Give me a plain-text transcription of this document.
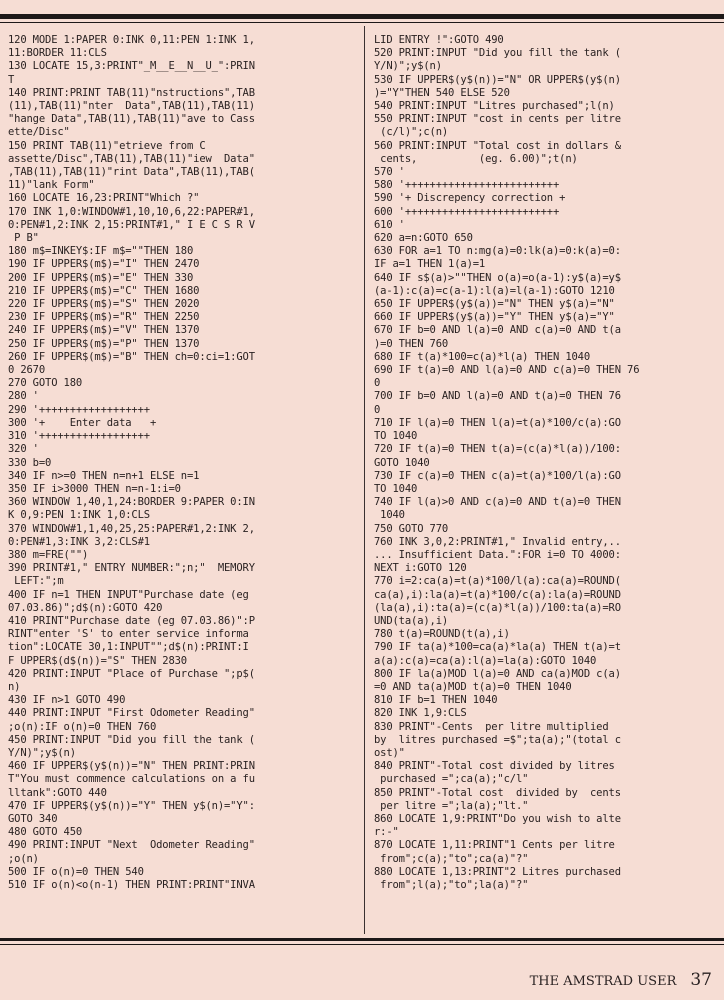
120 MODE 1:PAPER 0:INK 0,11:PEN 1:INK 1,
11:BORDER 11:CLS
130 LOCATE 15,3:PRINT"_M__E__N__U_":PRIN
T
140 PRINT:PRINT TAB(11)"nstructions",TAB
(11),TAB(11)"nter  Data",TAB(11),TAB(11)
"hange Data",TAB(11),TAB(11)"ave to Cass
ette/Disc"
150 PRINT TAB(11)"etrieve from C
assette/Disc",TAB(11),TAB(11)"iew  Data"
,TAB(11),TAB(11)"rint Data",TAB(11),TAB(
11)"lank Form"
160 LOCATE 16,23:PRINT"Which ?"
170 INK 1,0:WINDOW#1,10,10,6,22:PAPER#1,
0:PEN#1,2:INK 2,15:PRINT#1," I E C S R V
P B"
180 m$=INKEY$:IF m$=""THEN 180
190 IF UPPER$(m$)="I" THEN 2470
200 IF UPPER$(m$)="E" THEN 330
210 IF UPPER$(m$)="C" THEN 1680
220 IF UPPER$(m$)="S" THEN 2020
230 IF UPPER$(m$)="R" THEN 2250
240 IF UPPER$(m$)="V" THEN 1370
250 IF UPPER$(m$)="P" THEN 1370
260 IF UPPER$(m$)="B" THEN ch=0:ci=1:GOT
0 2670
270 GOTO 180
280 '
290 '++++++++++++++++++
300 '+    Enter data   +
310 '++++++++++++++++++
320 '
330 b=0
340 IF n>=0 THEN n=n+1 ELSE n=1
350 IF i>3000 THEN n=n-1:i=0
360 WINDOW 1,40,1,24:BORDER 9:PAPER 0:IN
K 0,9:PEN 1:INK 1,0:CLS
370 WINDOW#1,1,40,25,25:PAPER#1,2:INK 2,
0:PEN#1,3:INK 3,2:CLS#1
380 m=FRE("")
390 PRINT#1," ENTRY NUMBER:";n;"  MEMORY
LEFT:";m
400 IF n=1 THEN INPUT"Purchase date (eg
07.03.86)";d$(n):GOTO 420
410 PRINT"Purchase date (eg 07.03.86)":P
RINT"enter 'S' to enter service informa
tion":LOCATE 30,1:INPUT"";d$(n):PRINT:I
F UPPER$(d$(n))="S" THEN 2830
420 PRINT:INPUT "Place of Purchase ";p$(
n)
430 IF n>1 GOTO 490
440 PRINT:INPUT "First Odometer Reading"
;o(n):IF o(n)=0 THEN 760
450 PRINT:INPUT "Did you fill the tank (
Y/N)";y$(n)
460 IF UPPER$(y$(n))="N" THEN PRINT:PRIN
T"You must commence calculations on a fu
lltank":GOTO 440
470 IF UPPER$(y$(n))="Y" THEN y$(n)="Y":
GOTO 340
480 GOTO 450
490 PRINT:INPUT "Next  Odometer Reading"
;o(n)
500 IF o(n)=0 THEN 540
510 IF o(n)<o(n-1) THEN PRINT:PRINT"INVA
LID ENTRY !":GOTO 490
520 PRINT:INPUT "Did you fill the tank (
Y/N)";y$(n)
530 IF UPPER$(y$(n))="N" OR UPPER$(y$(n)
)="Y"THEN 540 ELSE 520
540 PRINT:INPUT "Litres purchased";l(n)
550 PRINT:INPUT "cost in cents per litre
(c/l)";c(n)
560 PRINT:INPUT "Total cost in dollars &
cents,          (eg. 6.00)";t(n)
570 '
580 '+++++++++++++++++++++++++
590 '+ Discrepency correction +
600 '+++++++++++++++++++++++++
610 '
620 a=n:GOTO 650
630 FOR a=1 TO n:mg(a)=0:lk(a)=0:k(a)=0:
IF a=1 THEN 1(a)=1
640 IF s$(a)>""THEN o(a)=o(a-1):y$(a)=y$
(a-1):c(a)=c(a-1):l(a)=l(a-1):GOTO 1210
650 IF UPPER$(y$(a))="N" THEN y$(a)="N"
660 IF UPPER$(y$(a))="Y" THEN y$(a)="Y"
670 IF b=0 AND l(a)=0 AND c(a)=0 AND t(a
)=0 THEN 760
680 IF t(a)*100=c(a)*l(a) THEN 1040
690 IF t(a)=0 AND l(a)=0 AND c(a)=0 THEN 76
0
700 IF b=0 AND l(a)=0 AND t(a)=0 THEN 76
0
710 IF l(a)=0 THEN l(a)=t(a)*100/c(a):GO
TO 1040
720 IF t(a)=0 THEN t(a)=(c(a)*l(a))/100:
GOTO 1040
730 IF c(a)=0 THEN c(a)=t(a)*100/l(a):GO
TO 1040
740 IF l(a)>0 AND c(a)=0 AND t(a)=0 THEN
1040
750 GOTO 770
760 INK 3,0,2:PRINT#1," Invalid entry,..
... Insufficient Data.":FOR i=0 TO 4000:
NEXT i:GOTO 120
770 i=2:ca(a)=t(a)*100/l(a):ca(a)=ROUND(
ca(a),i):la(a)=t(a)*100/c(a):la(a)=ROUND
(la(a),i):ta(a)=(c(a)*l(a))/100:ta(a)=RO
UND(ta(a),i)
780 t(a)=ROUND(t(a),i)
790 IF ta(a)*100=ca(a)*la(a) THEN t(a)=t
a(a):c(a)=ca(a):l(a)=la(a):GOTO 1040
800 IF la(a)MOD l(a)=0 AND ca(a)MOD c(a)
=0 AND ta(a)MOD t(a)=0 THEN 1040
810 IF b=1 THEN 1040
820 INK 1,9:CLS
830 PRINT"-Cents  per litre multiplied
by  litres purchased =$";ta(a);"(total c
ost)"
840 PRINT"-Total cost divided by litres
purchased =";ca(a);"c/l"
850 PRINT"-Total cost  divided by  cents
per litre =";la(a);"lt."
860 LOCATE 1,9:PRINT"Do you wish to alte
r:-"
870 LOCATE 1,11:PRINT"1 Cents per litre
from";c(a);"to";ca(a)"?"
880 LOCATE 1,13:PRINT"2 Litres purchased
from";l(a);"to";la(a)"?"
THE AMSTRAD USER 37
